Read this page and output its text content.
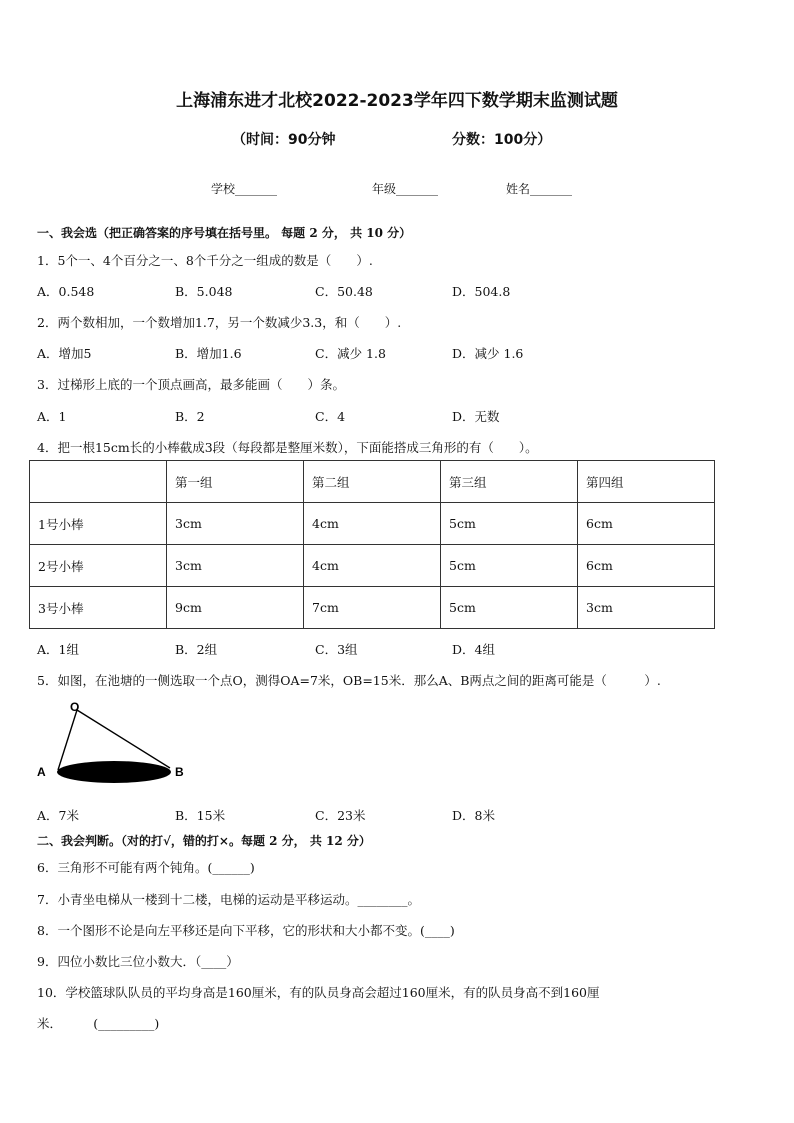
上海浦东进才北校2022-2023学年四下数学期末监测试题
（时间：90分钟	分数：100分）
学校_______	年级_______	姓名_______
一、我会选（把正确答案的序号填在括号里。 每题 2 分， 共 10 分）
1．5个一、4个百分之一、8个千分之一组成的数是（　　）.
A．0.548	B．5.048	C．50.48	D．504.8
2．两个数相加，一个数增加1.7，另一个数减少3.3，和（　　）.
A．增加5	B．增加1.6	C．减少 1.8	D．减少 1.6
3．过梯形上底的一个顶点画高，最多能画（　　）条。
A．1	B．2	C．4	D．无数
4．把一根15cm长的小棒截成3段（每段都是整厘米数），下面能搭成三角形的有（　　）。
	第一组	第二组	第三组	第四组
1号小棒	3cm	4cm	5cm	6cm
2号小棒	3cm	4cm	5cm	6cm
3号小棒	9cm	7cm	5cm	3cm
A．1组	B．2组	C．3组	D．4组
5．如图，在池塘的一侧选取一个点O，测得OA=7米，OB=15米．那么A、B两点之间的距离可能是（　　　）.
O
A	B
A．7米	B．15米	C．23米	D．8米
二、我会判断。（对的打√，错的打×。每题 2 分， 共 12 分）
6．三角形不可能有两个钝角。(______)
7．小青坐电梯从一楼到十二楼，电梯的运动是平移运动。________。
8．一个图形不论是向左平移还是向下平移，它的形状和大小都不变。(____)
9．四位小数比三位小数大．（____）
10．学校篮球队队员的平均身高是160厘米，有的队员身高会超过160厘米，有的队员身高不到160厘
米．　　　(_________)
